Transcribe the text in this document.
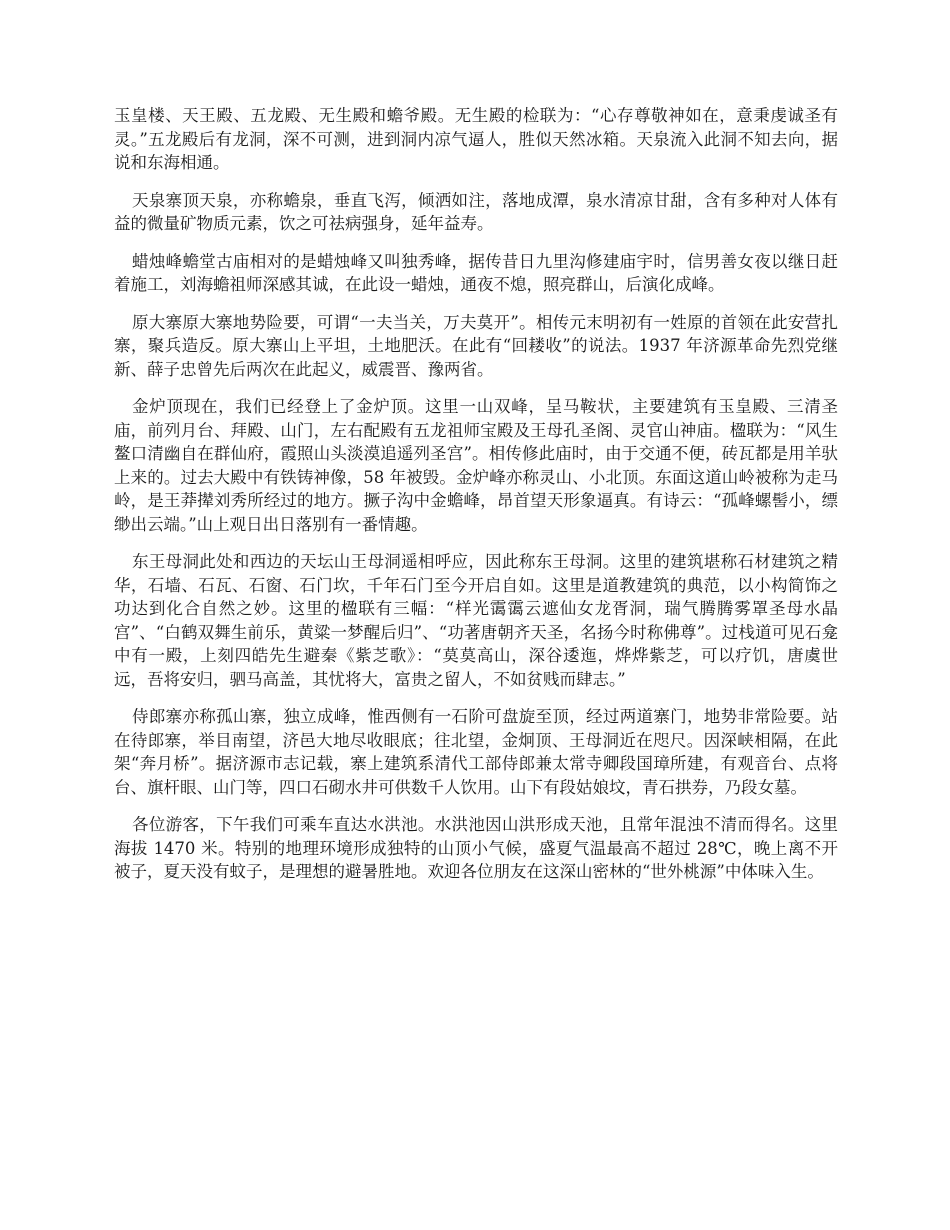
玉皇楼、天王殿、五龙殿、无生殿和蟾爷殿。无生殿的检联为：“心存尊敬神如在，意秉虔诚圣有灵。”五龙殿后有龙洞，深不可测，进到洞内凉气逼人，胜似天然冰箱。天泉流入此洞不知去向，据说和东海相通。

天泉寨顶天泉，亦称蟾泉，垂直飞泻，倾洒如注，落地成潭，泉水清凉甘甜，含有多种对人体有益的微量矿物质元素，饮之可祛病强身，延年益寿。

蜡烛峰蟾堂古庙相对的是蜡烛峰又叫独秀峰，据传昔日九里沟修建庙宇时，信男善女夜以继日赶着施工，刘海蟾祖师深感其诚，在此设一蜡烛，通夜不熄，照亮群山，后演化成峰。

原大寨原大寨地势险要，可谓“一夫当关，万夫莫开”。相传元末明初有一姓原的首领在此安营扎寨，聚兵造反。原大寨山上平坦，土地肥沃。在此有“回耧收”的说法。1937 年济源革命先烈党继新、薛子忠曾先后两次在此起义，威震晋、豫两省。

金炉顶现在，我们已经登上了金炉顶。这里一山双峰，呈马鞍状，主要建筑有玉皇殿、三清圣庙，前列月台、拜殿、山门，左右配殿有五龙祖师宝殿及王母孔圣阁、灵官山神庙。楹联为：“风生鳌口清幽自在群仙府，霞照山头淡漠追遥列圣宫”。相传修此庙时，由于交通不便，砖瓦都是用羊驮上来的。过去大殿中有铁铸神像，58 年被毁。金炉峰亦称灵山、小北顶。东面这道山岭被称为走马岭，是王莽撵刘秀所经过的地方。撅子沟中金蟾峰，昂首望天形象逼真。有诗云：“孤峰螺髻小，缥缈出云端。”山上观日出日落别有一番情趣。

东王母洞此处和西边的天坛山王母洞遥相呼应，因此称东王母洞。这里的建筑堪称石材建筑之精华，石墙、石瓦、石窗、石门坎，千年石门至今开启自如。这里是道教建筑的典范，以小构简饰之功达到化合自然之妙。这里的楹联有三幅：“样光霭霭云遮仙女龙胥洞，瑞气腾腾雾罩圣母水晶宫”、“白鹤双舞生前乐，黄粱一梦醒后归”、“功著唐朝齐天圣，名扬今时称佛尊”。过栈道可见石龛中有一殿，上刻四皓先生避秦《紫芝歌》：“莫莫高山，深谷逶迤，烨烨紫芝，可以疗饥，唐虞世远，吾将安归，驷马高盖，其忧将大，富贵之留人，不如贫贱而肆志。”

侍郎寨亦称孤山寨，独立成峰，惟西侧有一石阶可盘旋至顶，经过两道寨门，地势非常险要。站在待郎寨，举目南望，济邑大地尽收眼底；往北望，金炯顶、王母洞近在咫尺。因深峡相隔，在此架“奔月桥”。据济源市志记载，寨上建筑系清代工部侍郎兼太常寺卿段国璋所建，有观音台、点将台、旗杆眼、山门等，四口石砌水井可供数千人饮用。山下有段姑娘坟，青石拱券，乃段女墓。

各位游客，下午我们可乘车直达水洪池。水洪池因山洪形成天池，且常年混浊不清而得名。这里海拔 1470 米。特别的地理环境形成独特的山顶小气候，盛夏气温最高不超过 28℃，晚上离不开被子，夏天没有蚊子，是理想的避暑胜地。欢迎各位朋友在这深山密林的“世外桃源”中体味入生。
